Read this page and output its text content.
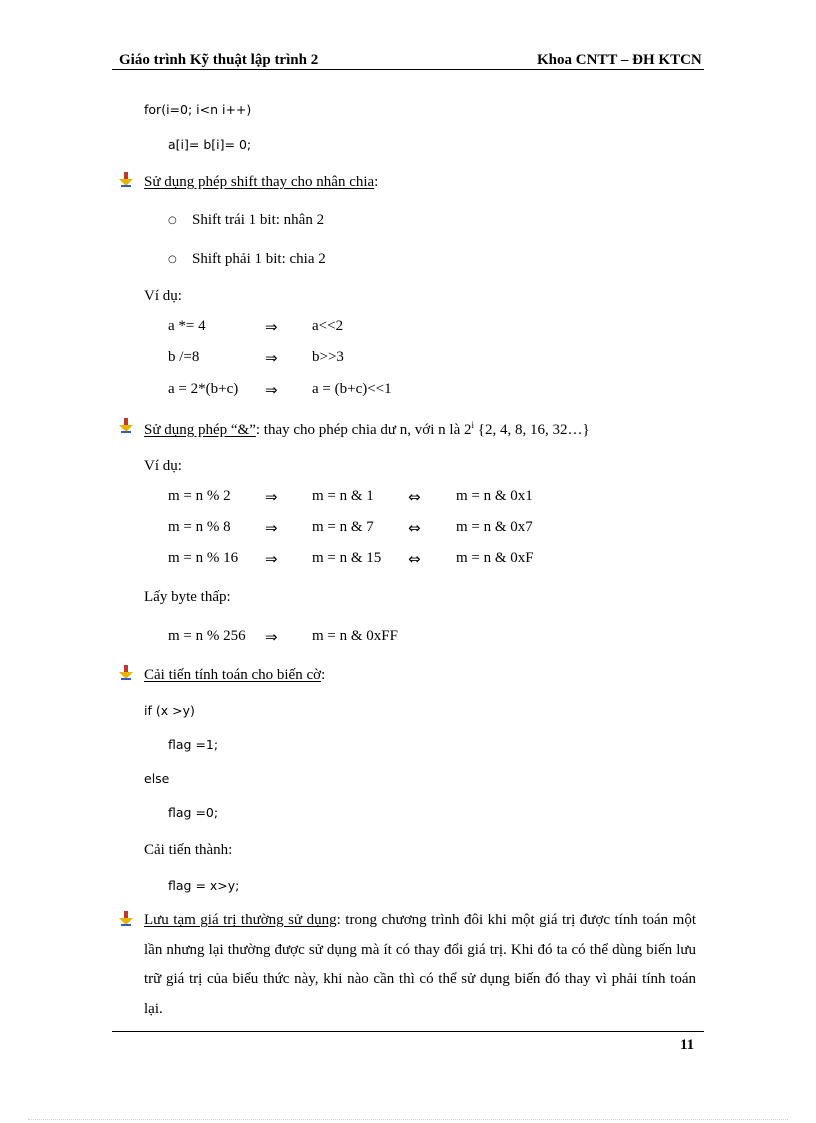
Giáo trình Kỹ thuật lập trình 2	Khoa CNTT – ĐH KTCN
for(i=0; i<n i++)
a[i]= b[i]= 0;
Sử dụng phép shift thay cho nhân chia:
○ Shift trái 1 bit: nhân 2
○ Shift phải 1 bit: chia 2
Ví dụ:
a *= 4	⇒ a<<2
b /=8	⇒ b>>3
a = 2*(b+c) ⇒ a = (b+c)<<1
Sử dụng phép “&”: thay cho phép chia dư n, với n là 2$^i$ {2, 4, 8, 16, 32…}
Ví dụ:
m = n % 2 ⇒ m = n & 1 ⇔ m = n & 0x1
m = n % 8 ⇒ m = n & 7 ⇔ m = n & 0x7
m = n % 16 ⇒ m = n & 15 ⇔ m = n & 0xF
Lấy byte thấp:
m = n % 256 ⇒ m = n & 0xFF
Cải tiến tính toán cho biến cờ:
if (x >y)
flag =1;
else
flag =0;
Cải tiến thành:
flag = x>y;
Lưu tạm giá trị thường sử dụng: trong chương trình đôi khi một giá trị được tính toán một lần nhưng lại thường được sử dụng mà ít có thay đổi giá trị. Khi đó ta có thể dùng biến lưu trữ giá trị của biểu thức này, khi nào cần thì có thể sử dụng biến đó thay vì phải tính toán lại.
11
